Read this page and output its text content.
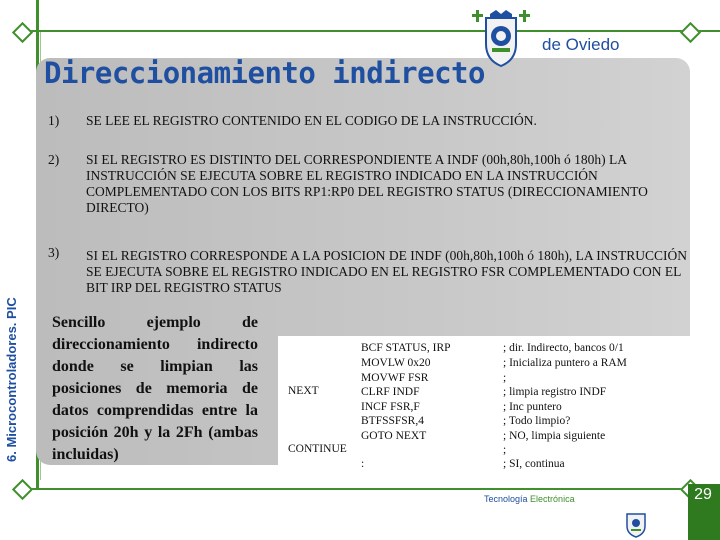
6. Microcontroladores. PIC
Universidad
de Oviedo
Direccionamiento indirecto
1) SE LEE EL REGISTRO CONTENIDO EN EL CODIGO DE LA INSTRUCCIÓN.
2) SI EL REGISTRO ES DISTINTO DEL CORRESPONDIENTE A INDF (00h,80h,100h ó 180h) LA INSTRUCCIÓN SE EJECUTA SOBRE EL REGISTRO INDICADO EN LA INSTRUCCIÓN COMPLEMENTADO CON LOS BITS RP1:RP0 DEL REGISTRO STATUS (DIRECCIONAMIENTO DIRECTO)
3) SI EL REGISTRO CORRESPONDE A LA POSICION DE INDF (00h,80h,100h ó 180h), LA INSTRUCCIÓN SE EJECUTA SOBRE EL REGISTRO INDICADO EN EL REGISTRO FSR COMPLEMENTADO CON EL BIT IRP DEL REGISTRO STATUS
Sencillo ejemplo de direccionamiento indirecto donde se limpian las posiciones de memoria de datos comprendidas entre la posición 20h y la 2Fh (ambas incluidas)
NEXT
CONTINUE
BCF STATUS, IRP
MOVLW 0x20
MOVWF FSR
CLRF INDF
INCF FSR,F
BTFSSFSR,4
GOTO NEXT
:
; dir. Indirecto, bancos 0/1
; Inicializa puntero a RAM
;
; limpia registro INDF
; Inc puntero
; Todo limpio?
; NO, limpia siguiente
;
; SI, continua
Tecnología Electrónica	29
